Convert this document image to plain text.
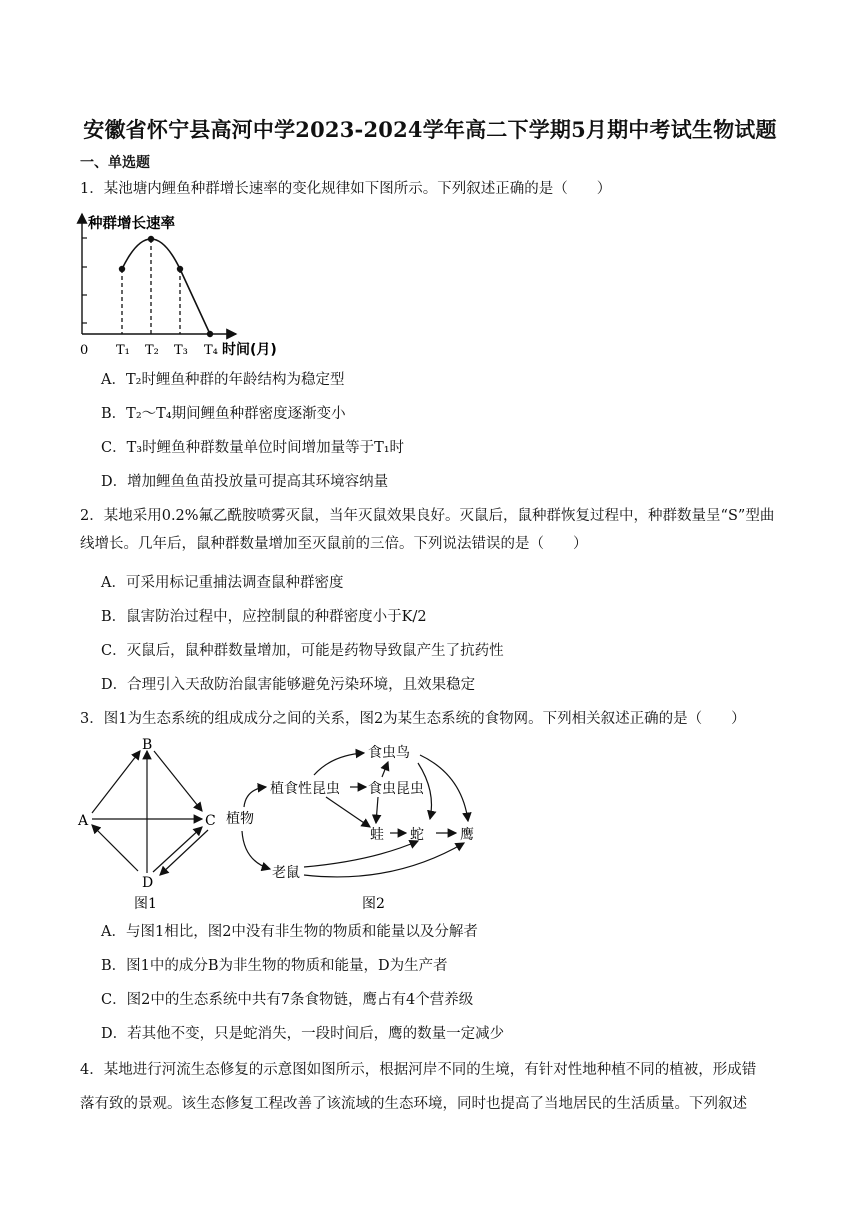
安徽省怀宁县高河中学2023-2024学年高二下学期5月期中考试生物试题
一、单选题
1．某池塘内鲤鱼种群增长速率的变化规律如下图所示。下列叙述正确的是（　　）
种群增长速率
0 T₁ T₂ T₃ T₄ 时间(月)
A．T₂时鲤鱼种群的年龄结构为稳定型
B．T₂～T₄期间鲤鱼种群密度逐渐变小
C．T₃时鲤鱼种群数量单位时间增加量等于T₁时
D．增加鲤鱼鱼苗投放量可提高其环境容纳量
2．某地采用0.2%氟乙酰胺喷雾灭鼠，当年灭鼠效果良好。灭鼠后，鼠种群恢复过程中，种群数量呈“S”型曲线增长。几年后，鼠种群数量增加至灭鼠前的三倍。下列说法错误的是（　　）
A．可采用标记重捕法调查鼠种群密度
B．鼠害防治过程中，应控制鼠的种群密度小于K/2
C．灭鼠后，鼠种群数量增加，可能是药物导致鼠产生了抗药性
D．合理引入天敌防治鼠害能够避免污染环境，且效果稳定
3．图1为生态系统的组成成分之间的关系，图2为某生态系统的食物网。下列相关叙述正确的是（　　）
A
B
C
D
图1
食虫鸟
植食性昆虫 食虫昆虫
植物
蛙 蛇	鹰
老鼠
图2
A．与图1相比，图2中没有非生物的物质和能量以及分解者
B．图1中的成分B为非生物的物质和能量，D为生产者
C．图2中的生态系统中共有7条食物链，鹰占有4个营养级
D．若其他不变，只是蛇消失，一段时间后，鹰的数量一定减少
4．某地进行河流生态修复的示意图如图所示，根据河岸不同的生境，有针对性地种植不同的植被，形成错
落有致的景观。该生态修复工程改善了该流域的生态环境，同时也提高了当地居民的生活质量。下列叙述
